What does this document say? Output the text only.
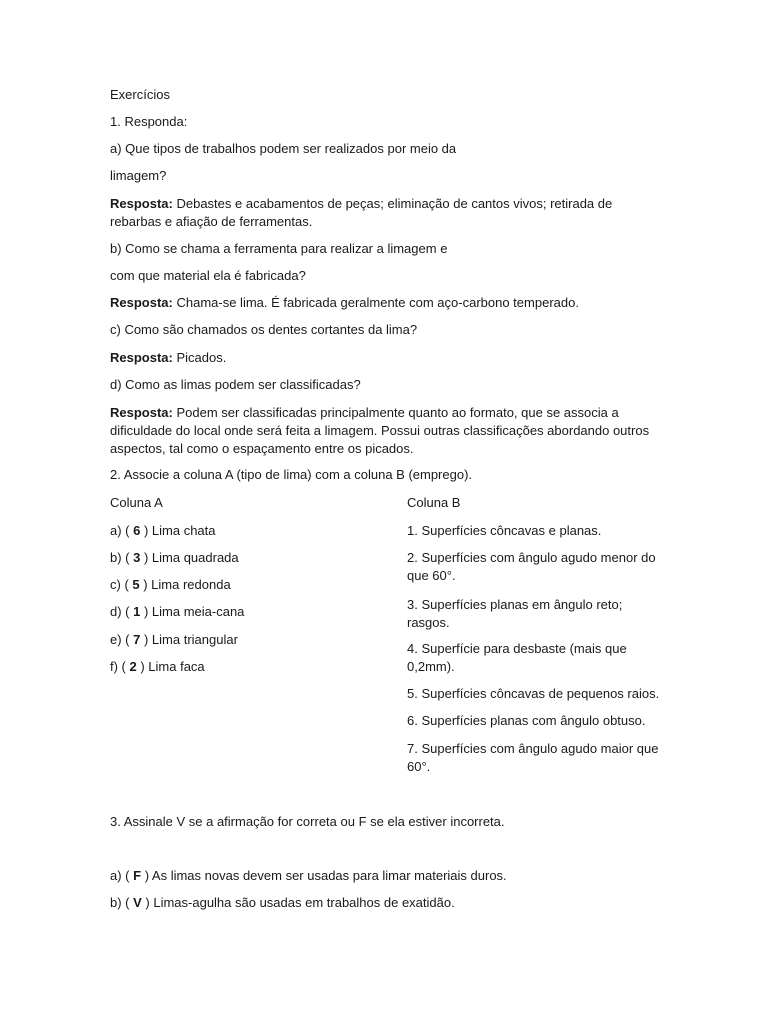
Exercícios
1. Responda:
a) Que tipos de trabalhos podem ser realizados por meio da
limagem?
Resposta: Debastes e acabamentos de peças; eliminação de cantos vivos; retirada de rebarbas e afiação de ferramentas.
b) Como se chama a ferramenta para realizar a limagem e
com que material ela é fabricada?
Resposta: Chama-se lima. É fabricada geralmente com aço-carbono temperado.
c) Como são chamados os dentes cortantes da lima?
Resposta: Picados.
d) Como as limas podem ser classificadas?
Resposta: Podem ser classificadas principalmente quanto ao formato, que se associa a dificuldade do local onde será feita a limagem. Possui outras classificações abordando outros aspectos, tal como o espaçamento entre os picados.
2. Associe a coluna A (tipo de lima) com a coluna B (emprego).
Coluna A	Coluna B
a) ( 6 ) Lima chata
b) ( 3 ) Lima quadrada
c) ( 5 ) Lima redonda
d) ( 1 ) Lima meia-cana
e) ( 7 ) Lima triangular
f) ( 2 ) Lima faca
1. Superfícies côncavas e planas.
2. Superfícies com ângulo agudo menor do que 60°.
3. Superfícies planas em ângulo reto; rasgos.
4. Superfície para desbaste (mais que 0,2mm).
5. Superfícies côncavas de pequenos raios.
6. Superfícies planas com ângulo obtuso.
7. Superfícies com ângulo agudo maior que 60°.
3. Assinale V se a afirmação for correta ou F se ela estiver incorreta.
a) ( F ) As limas novas devem ser usadas para limar materiais duros.
b) ( V ) Limas-agulha são usadas em trabalhos de exatidão.
